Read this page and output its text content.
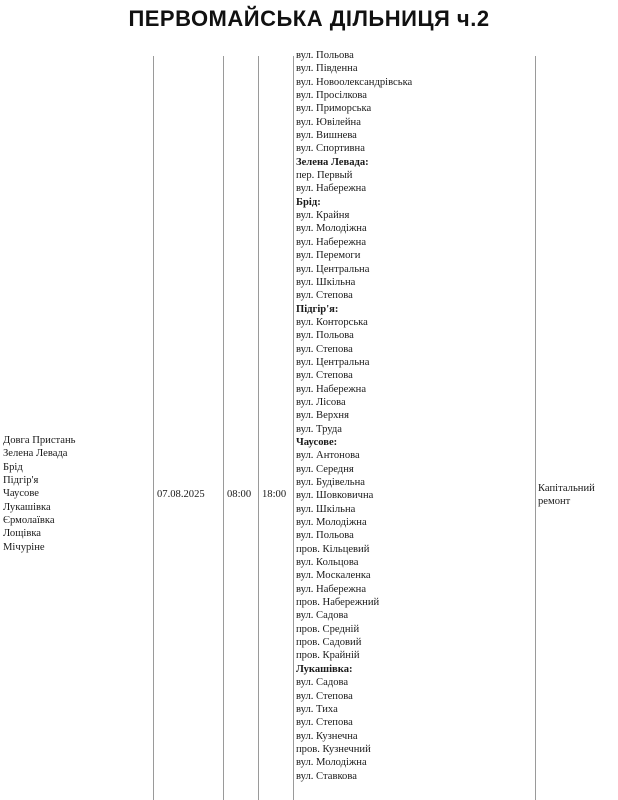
ПЕРВОМАЙСЬКА ДІЛЬНИЦЯ ч.2
Довга Пристань
Зелена Левада
Брід
Підгір'я
Чаусове
Лукашівка
Єрмолаївка
Лощівка
Мічуріне
07.08.2025 08:00 18:00
Капітальний
ремонт
вул. Польова
вул. Південна
вул. Новоолександрівська
вул. Просілкова
вул. Приморська
вул. Ювілейна
вул. Вишнева
вул. Спортивна
Зелена Левада:
пер. Первый
вул. Набережна
Брід:
вул. Крайня
вул. Молодіжна
вул. Набережна
вул. Перемоги
вул. Центральна
вул. Шкільна
вул. Степова
Підгір'я:
вул. Конторська
вул. Польова
вул. Степова
вул. Центральна
вул. Степова
вул. Набережна
вул. Лісова
вул. Верхня
вул. Труда
Чаусове:
вул. Антонова
вул. Середня
вул. Будівельна
вул. Шовковична
вул. Шкільна
вул. Молодіжна
вул. Польова
пров. Кільцевий
вул. Кольцова
вул. Москаленка
вул. Набережна
пров. Набережний
вул. Садова
пров. Средній
пров. Садовий
пров. Крайній
Лукашівка:
вул. Садова
вул. Степова
вул. Тиха
вул. Степова
вул. Кузнечна
пров. Кузнечний
вул. Молодіжна
вул. Ставкова
